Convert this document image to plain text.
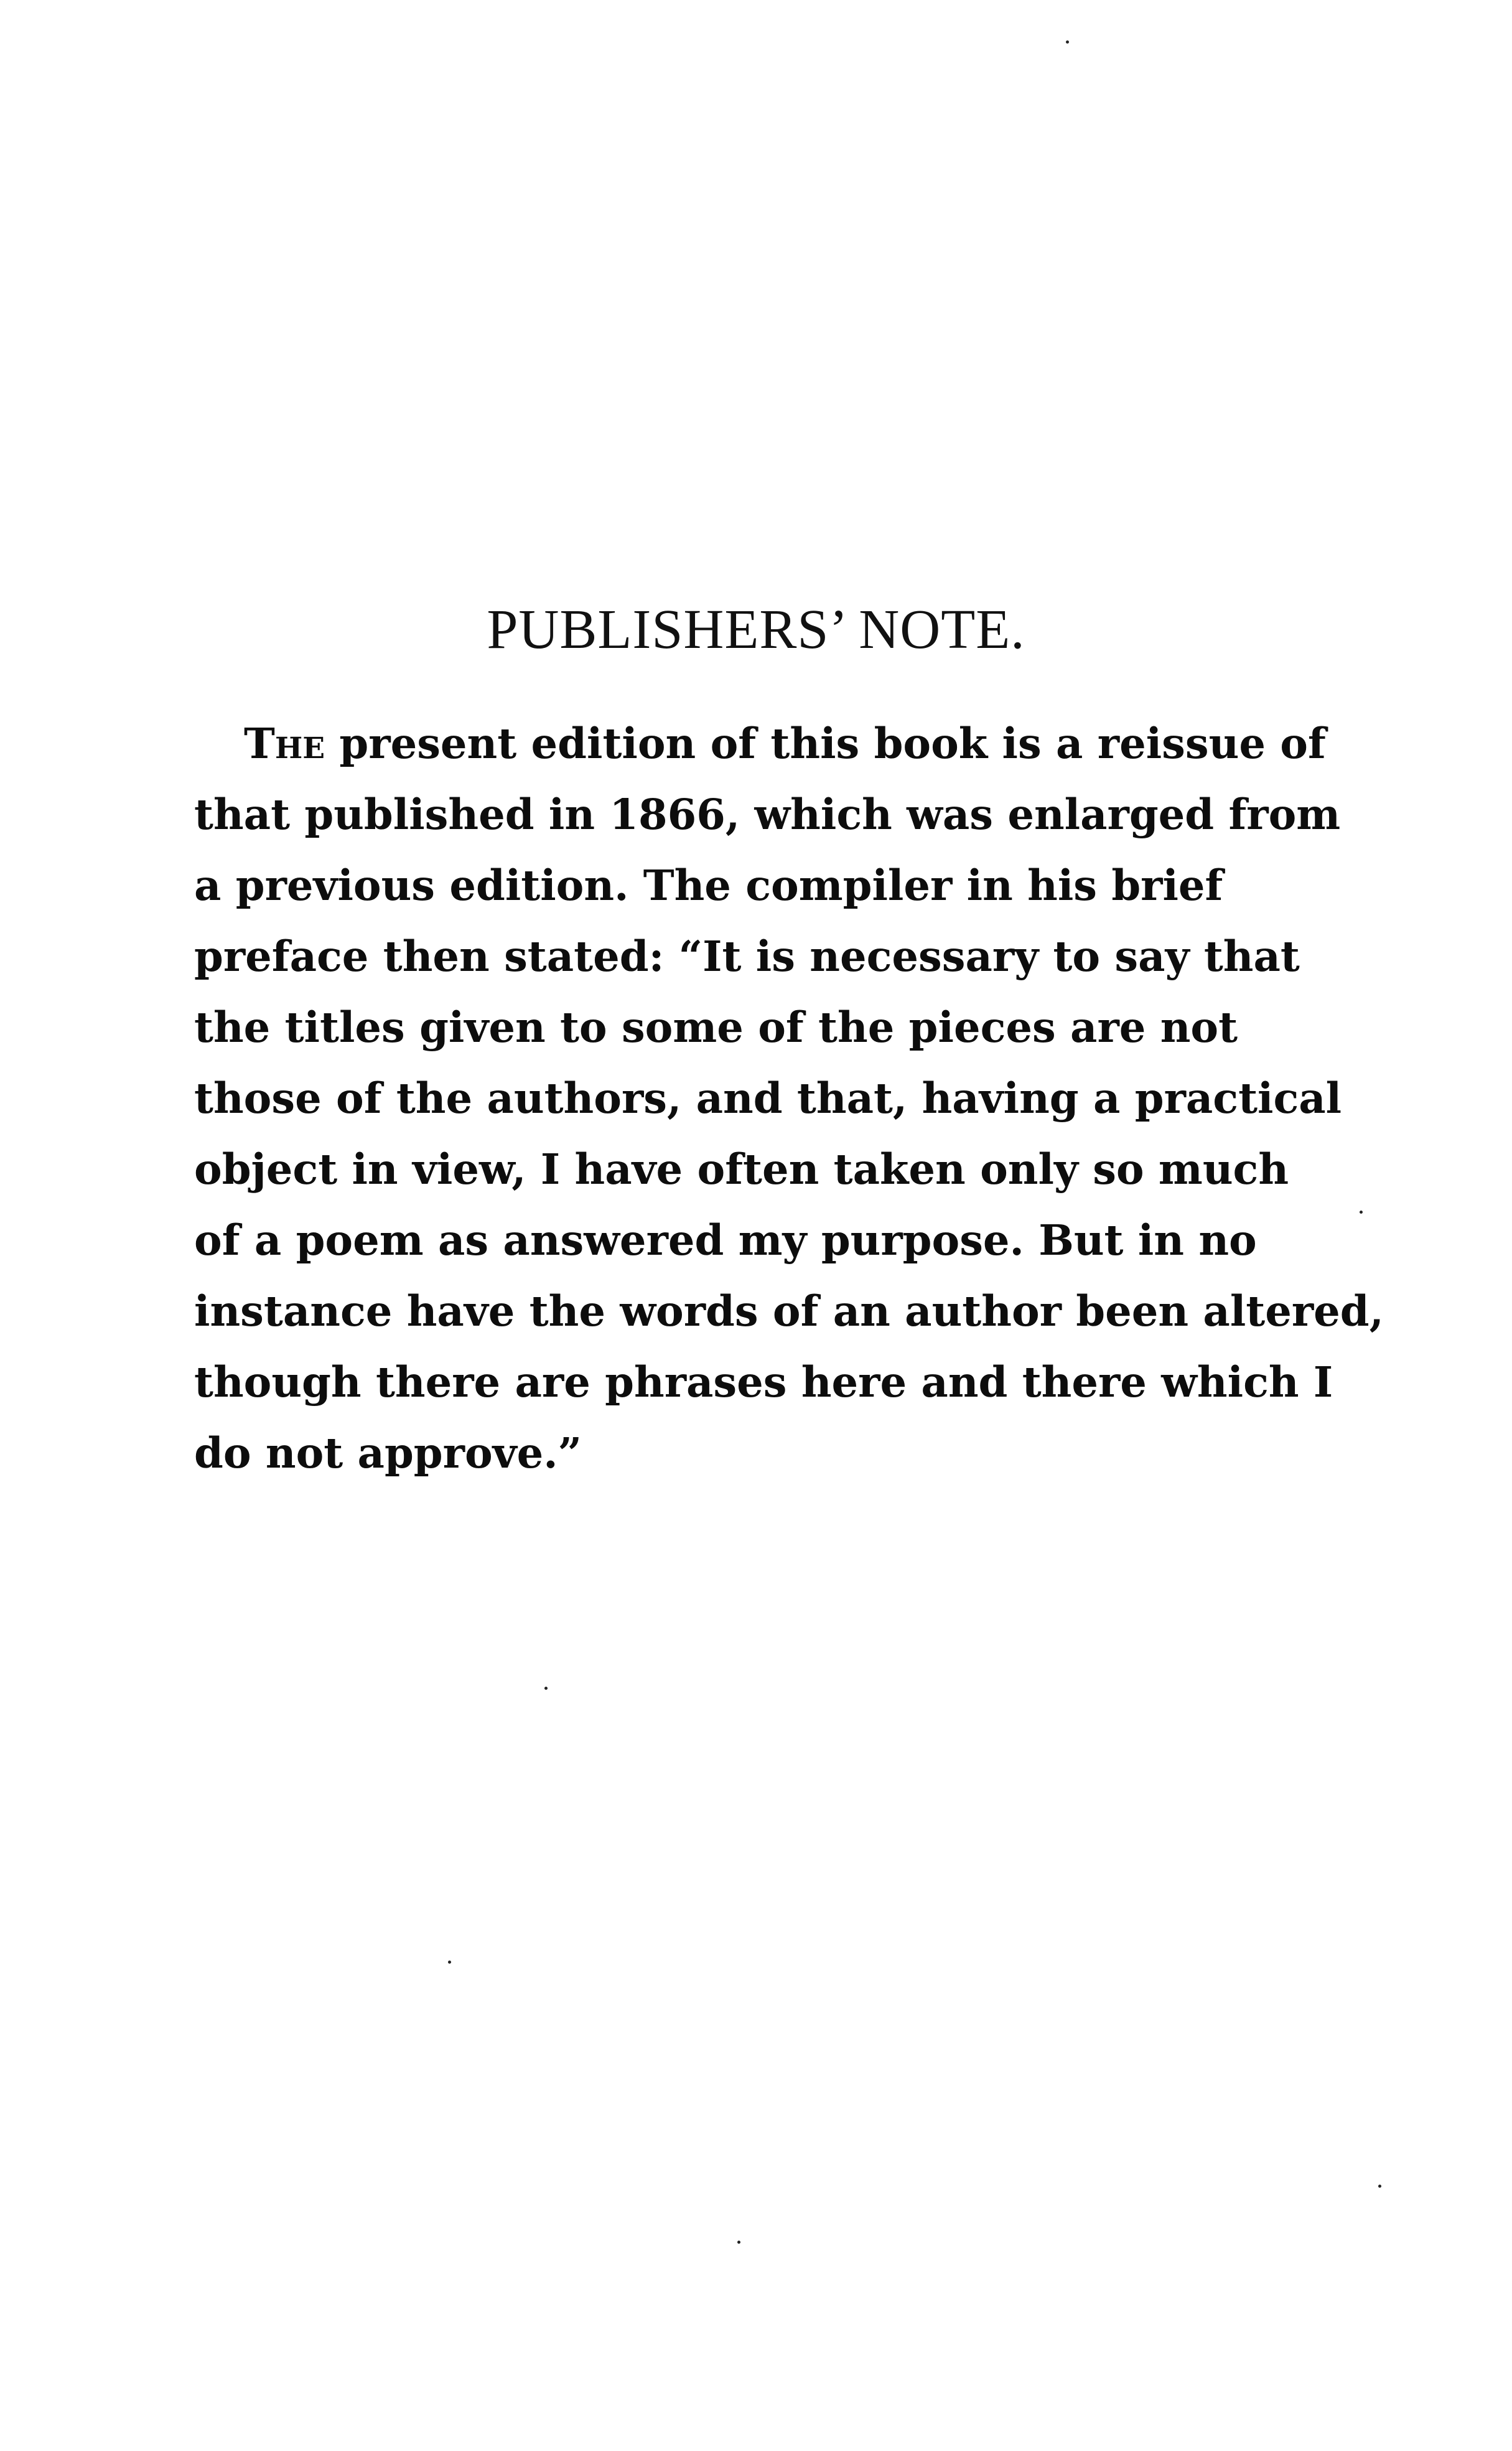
PUBLISHERS’ NOTE.
The present edition of this book is a reissue of
that published in 1866, which was enlarged from
a previous edition. The compiler in his brief
preface then stated: “It is necessary to say that
the titles given to some of the pieces are not
those of the authors, and that, having a practical
object in view, I have often taken only so much
of a poem as answered my purpose. But in no
instance have the words of an author been altered,
though there are phrases here and there which I
do not approve.”
